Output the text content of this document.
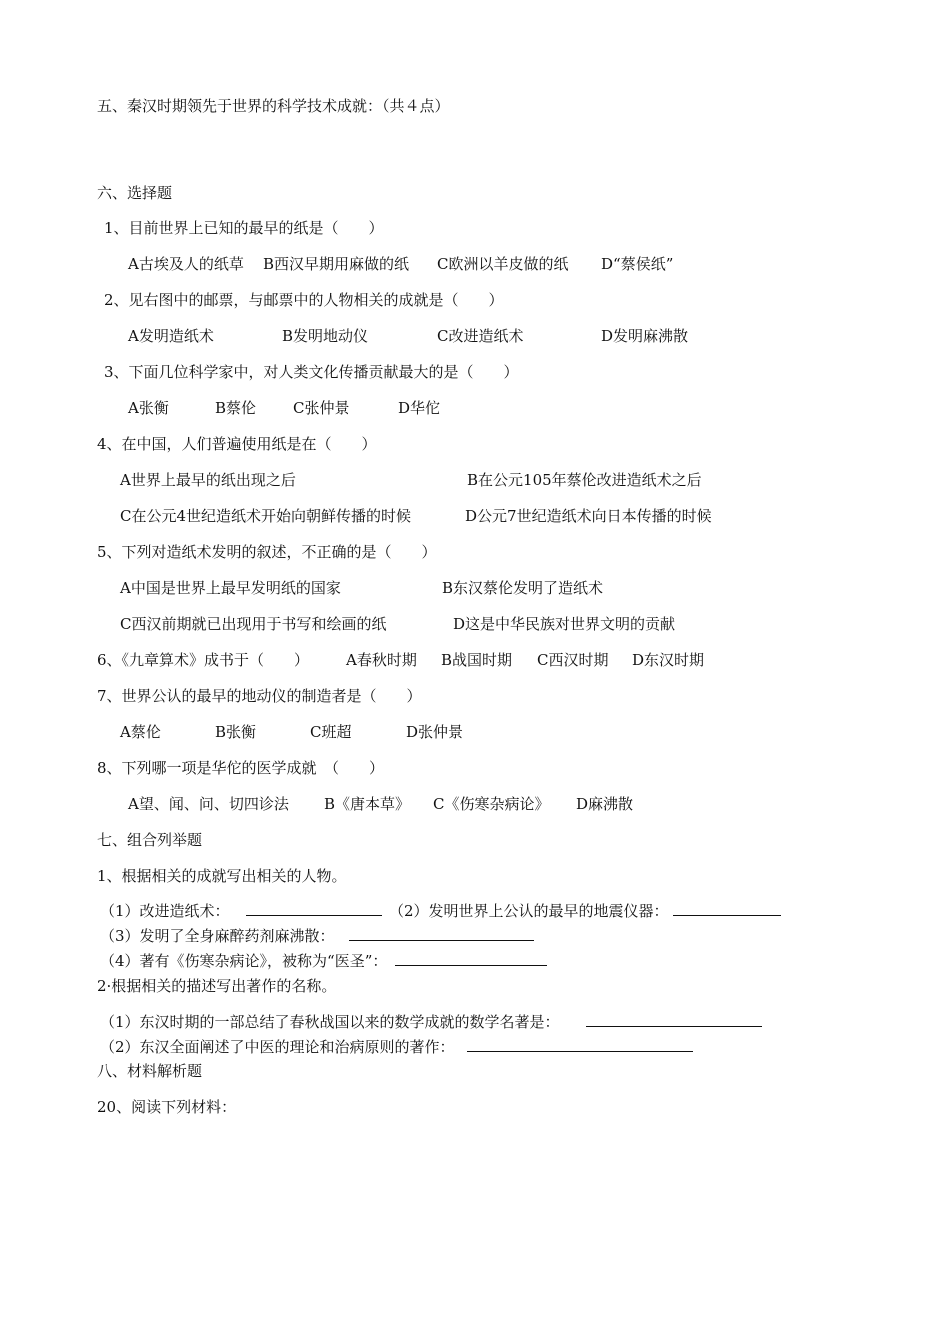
五、秦汉时期领先于世界的科学技术成就：（共４点）
六、选择题
1、目前世界上已知的最早的纸是（　　）
A古埃及人的纸草 B西汉早期用麻做的纸 C欧洲以羊皮做的纸 D“蔡侯纸”
2、见右图中的邮票，与邮票中的人物相关的成就是（　　）
A发明造纸术	B发明地动仪	C改进造纸术	D发明麻沸散
3、下面几位科学家中，对人类文化传播贡献最大的是（　　）
A张衡	B蔡伦 C张仲景	D华佗
4、在中国，人们普遍使用纸是在（　　）
A世界上最早的纸出现之后	B在公元105年蔡伦改进造纸术之后
C在公元4世纪造纸术开始向朝鲜传播的时候	D公元7世纪造纸术向日本传播的时候
5、下列对造纸术发明的叙述，不正确的是（　　）
A中国是世界上最早发明纸的国家	B东汉蔡伦发明了造纸术
C西汉前期就已出现用于书写和绘画的纸	D这是中华民族对世界文明的贡献
6、《九章算术》成书于（　　） A春秋时期 B战国时期 C西汉时期 D东汉时期
7、世界公认的最早的地动仪的制造者是（　　）
A蔡伦	B张衡	C班超	D张仲景
8、下列哪一项是华佗的医学成就　（　　）
A望、闻、问、切四诊法 B《唐本草》 C《伤寒杂病论》 D麻沸散
七、组合列举题
1、根据相关的成就写出相关的人物。
（1）改进造纸术：	（2）发明世界上公认的最早的地震仪器：
（3）发明了全身麻醉药剂麻沸散：
（4）著有《伤寒杂病论》，被称为“医圣”：
2·根据相关的描述写出著作的名称。
（1）东汉时期的一部总结了春秋战国以来的数学成就的数学名著是：
（2）东汉全面阐述了中医的理论和治病原则的著作：
八、材料解析题
20、阅读下列材料：
